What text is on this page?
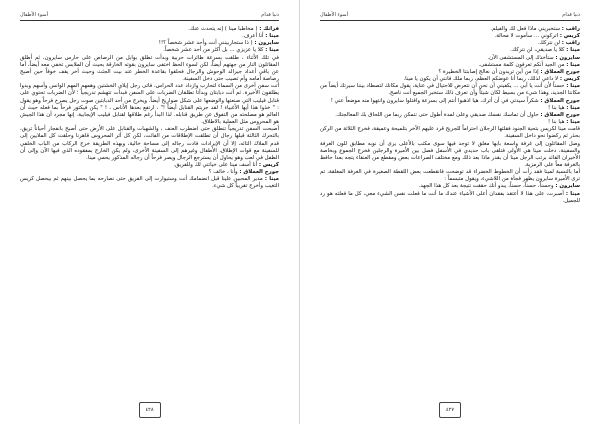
دنيا قدام
أسوء الأطفال

فرانك : ( مخاطباً مينا ) إنه يتحدث عنك.

مينا : أنا أعرف.

سايرون : ( ذا ستحاربينني أنت وأحد عشر شخصاً ؟!!

مينا : كلا يا عزيزي ... بل أكثر من أحد عشر شخصاً.

في تلك الأثناء ، طلقت بسرعة طائرات حربية وبدأت تطلق بوابل من الرصاص على حارس سايرون، ثم أطلق المقاتلون النار من جهتهم أيضاً، لكن لسوء الحظ اختفى سايرون بقوته الخارقة بحيث أن الملابس تخفي معه أيضاً، أما عن باقي أعداد جيرالد الوحوش والرجال فحلقوا بقاعدة الخطر عند بيت الجثث وحيث أخر يقف خوفاً حين أصبح رصاصة أمامه وأم تصيب حتى دخل السفينة.

أتت سفن أخرى من السماء لتحارب وازداد عدد الحراس، فاتى رجل إيلاي الخشتين وهمهم المهم الوانس وأسهم وبدوا يطلقون الأخيرة. ثم أتت دبابتان وبدأتا تطلقان الضربات على السفن فبدأت تتهشم تدريجياً ؛ لأن الضربات تحتوي على قنابل فيليب التي صنعتها والوضعها على شكل صواريخ أيضاً. ويخرج من أحد الدبابتين صوت رجل يصرخ فرحاً وهو يقول : " خذوا هذا أيها الأغبياء ! لقد جربتم القنابل أيضاً !" ، ارتفع بعدها الأناس ، ! " يكن فيكتور فرحاً بما فعله حيث أن العالم هو مصلحته من التفوق عن طريق قنابله. لذا البدأ رغم طلاقها لقنابل فيليب الإيجابية. إنها مجرد أن هذا الجيش هو المحروس مثل العملية بالاطلاق.

أصبحت السفن تدريجياً تنطلق حتى اضطرب العنف ، والشهبات والقنابل على الأرض حتى أصبح بانفجار أحياناً تريق، بالتحرك الثالثة قبلها رجال أن تطلقت الإطلاقات من الفائت، لكن كل أثر المحروس قاهرنا وحلقت كل الملايين إلى قدم الملاك التائه، إلا أن الإيرادات فادت رجاله إلى مساحة خالية، وبهذه الطريقة خرج الركاب من الباب الخلفي للسفينة مع قوات الإطلاق، الأطفال وغيرهم إلى السفينة الأخرى، ولم يكن الخارج بمفقوده الذي فيها الآن وإلى أن الطفل في لعب وهو يحاول أن يسترجع الرجال ويصر فرحاً أن رجاله المذكور يحمي مينا.

كريس : أنا أسف مينا على خيانتي لك وللفريق.

جورج العملاق : وأنا ، خائف ؟

مينا : مدير المحبين علينا قبل انضمامك أنت وستيوارت إلى الفريق حتى نصارحه بما يحصل بينهم ثم بيحصل كريس التغيب وأخرج تقريباً كل شيء.

٤٢٨
دنيا قدام
أسوء الأطفال

راقب : ستخبريني ماذا فعل لك والفيلم.

كريس : اتركوني ... سأموت لا محالة.

راقب : لن نتركك.

مينا : كلا يا صديقي، لن نتركك.

سايرون : ستأخذك إلى المستشفى الآن.

مينا : من الجيد أنكم تعرفون كلمة مستشفى.

جورج العملاق : إذا من أين تريدون أن نعالج إصابتنا الخطيرة ؟

كريس : لا داعي لذلك، ربما أنا عوضكم العظم، ربما ملك فانني أن يكون يا مينا.

مينا : حسناً لأن أنت يا أبي ... يكفيني أن نحن أن نتعرض للاحتيال في عناية، يقول مكانك لتصطاد بيننا سيرتك أيضاً من مكاننا الجديد، وهذا شيء من بسيط لكان شيئاً وأن تعرف ذلك ستخبر الجميع أنت ناصح.

جورج العملاق : شكراً سيدتي في أن أترك، هيا اذهبوا أنتم إلى بسرعة واقتلوا سايرون وانتهوا منه موضعاً عني !

مينا : هيا بنا !

جورج العملاق : حاول أن تماسك نفسك صديقي وعلى لمدة أطول حتى نتمكن ربما من اللحاق بك المعالجتك.

مينا : هيا بنا !

قامت مينا لكريس بتحية الجنود فقلتها الرجلان احتراماً للجريح قرد عليهم الآخر بتلميحة وعميقة، فخرج الثلاثة من الركن بحذر ثم ركضوا نحو داخل السفينة.

وصل المقاتلون إلى غرفة واسعة بابها مغلق لا توجد فيها سوى مكتب بالأعلى يرى أن نوبه مطابق للون الغرفة والسفينة، دخلت مينا هي الأولى فتلقى باب حديدي في الأسفل فصل بين الأميرة والرجلين فخرج الجموع وبخاصة الأخيران القائد برتب الرجل مينا أن بقدر ماذا بعد ذلك ومع مختلف الصراعات بعض ومقطع من العنقاء يتجه بعدا حافظ بالغرفة معاً على الرمزية.

أما بالنسبة لمينا فقد رأت أن الخطوط الخضراء قد توضحت فانقطعت بعض اللقطة الصغيرة في الغرفة المغلقة، تم ترى الأميرة سايرون يظهر فجأة من اللاشيء، ويقول متبسماً :

سايرون : وحسناً، حسناً، حسناً، يبدو أنك حققت نتيجة بعد كل هذا الجهد.

مينا : أصبرت، على هذا لا أعتقد بفقدان أعلى الأشياء عندك ما أنت ما فعلت نفس الشيء معي، كل ما فعلته هو رد للجميل.

٤٢٧
